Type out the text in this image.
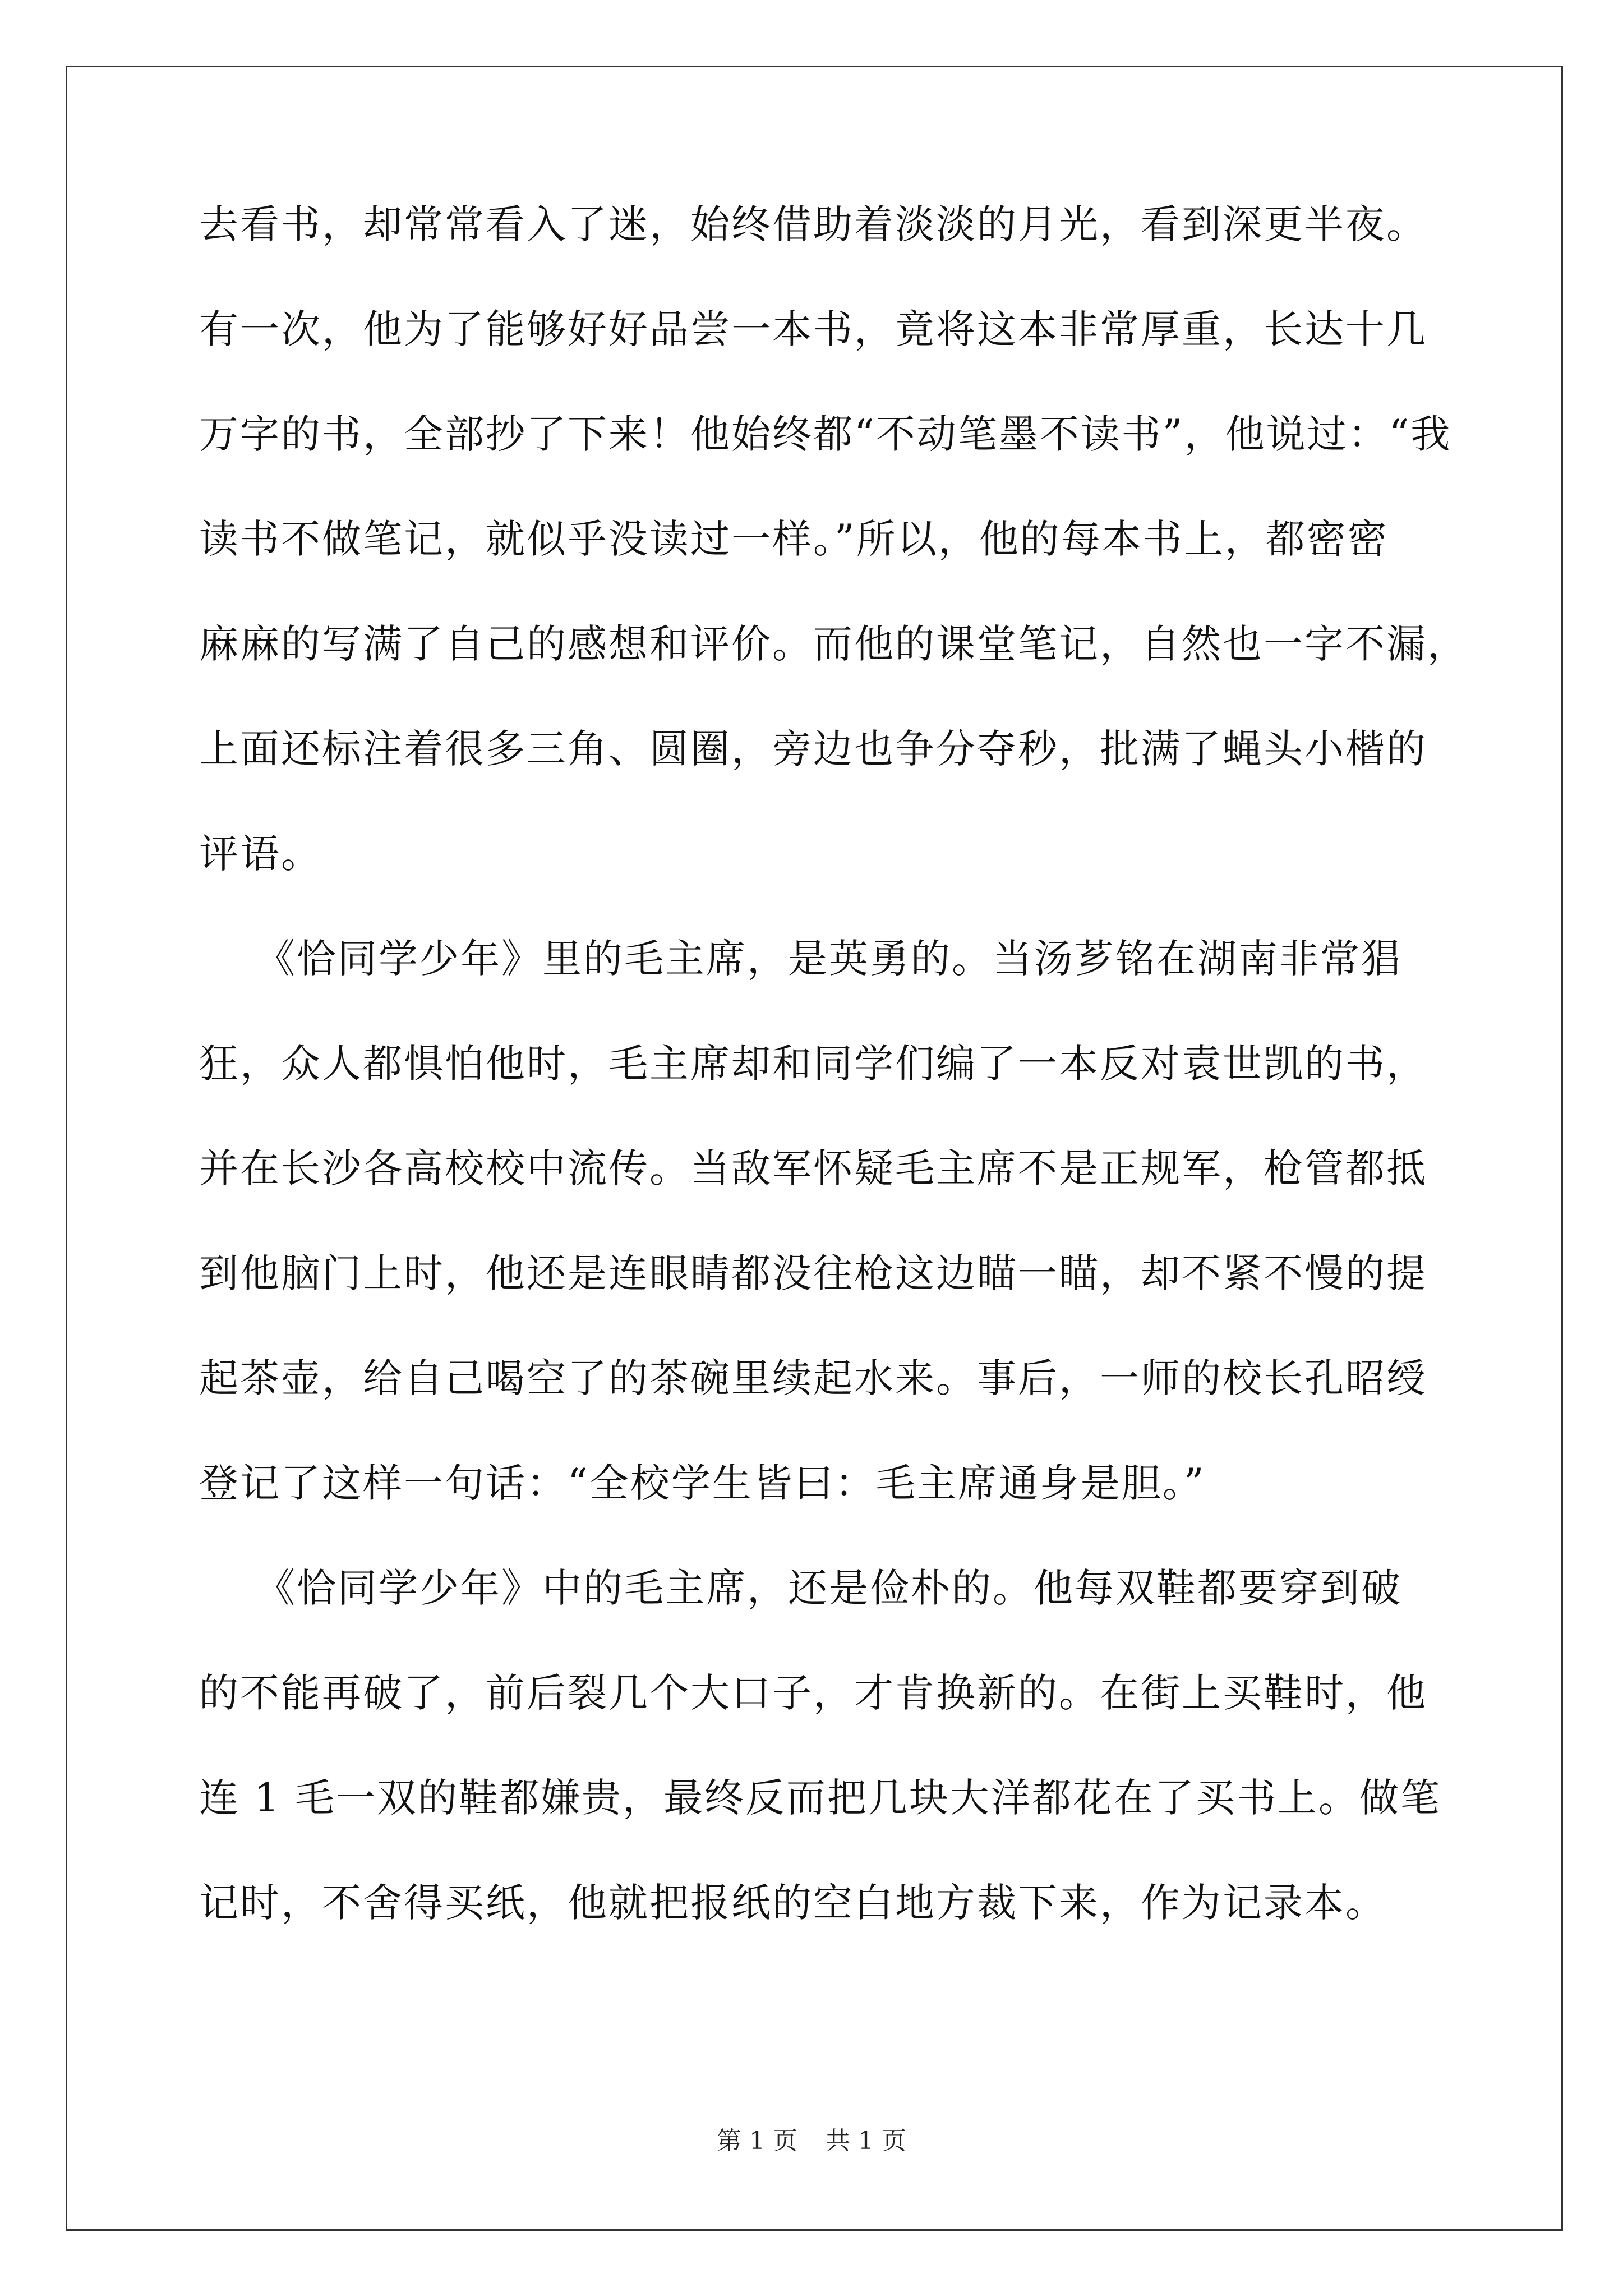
去看书，却常常看入了迷，始终借助着淡淡的月光，看到深更半夜。
有一次，他为了能够好好品尝一本书，竟将这本非常厚重，长达十几
万字的书，全部抄了下来！他始终都“不动笔墨不读书”，他说过：“我
读书不做笔记，就似乎没读过一样。”所以，他的每本书上，都密密
麻麻的写满了自己的感想和评价。而他的课堂笔记，自然也一字不漏，
上面还标注着很多三角、圆圈，旁边也争分夺秒，批满了蝇头小楷的
评语。
《恰同学少年》里的毛主席，是英勇的。当汤芗铭在湖南非常猖
狂，众人都惧怕他时，毛主席却和同学们编了一本反对袁世凯的书，
并在长沙各高校校中流传。当敌军怀疑毛主席不是正规军，枪管都抵
到他脑门上时，他还是连眼睛都没往枪这边瞄一瞄，却不紧不慢的提
起茶壶，给自己喝空了的茶碗里续起水来。事后，一师的校长孔昭绶
登记了这样一句话：“全校学生皆曰：毛主席通身是胆。”
《恰同学少年》中的毛主席，还是俭朴的。他每双鞋都要穿到破
的不能再破了，前后裂几个大口子，才肯换新的。在街上买鞋时，他
连 1 毛一双的鞋都嫌贵，最终反而把几块大洋都花在了买书上。做笔
记时，不舍得买纸，他就把报纸的空白地方裁下来，作为记录本。
第 1 页 共 1 页
